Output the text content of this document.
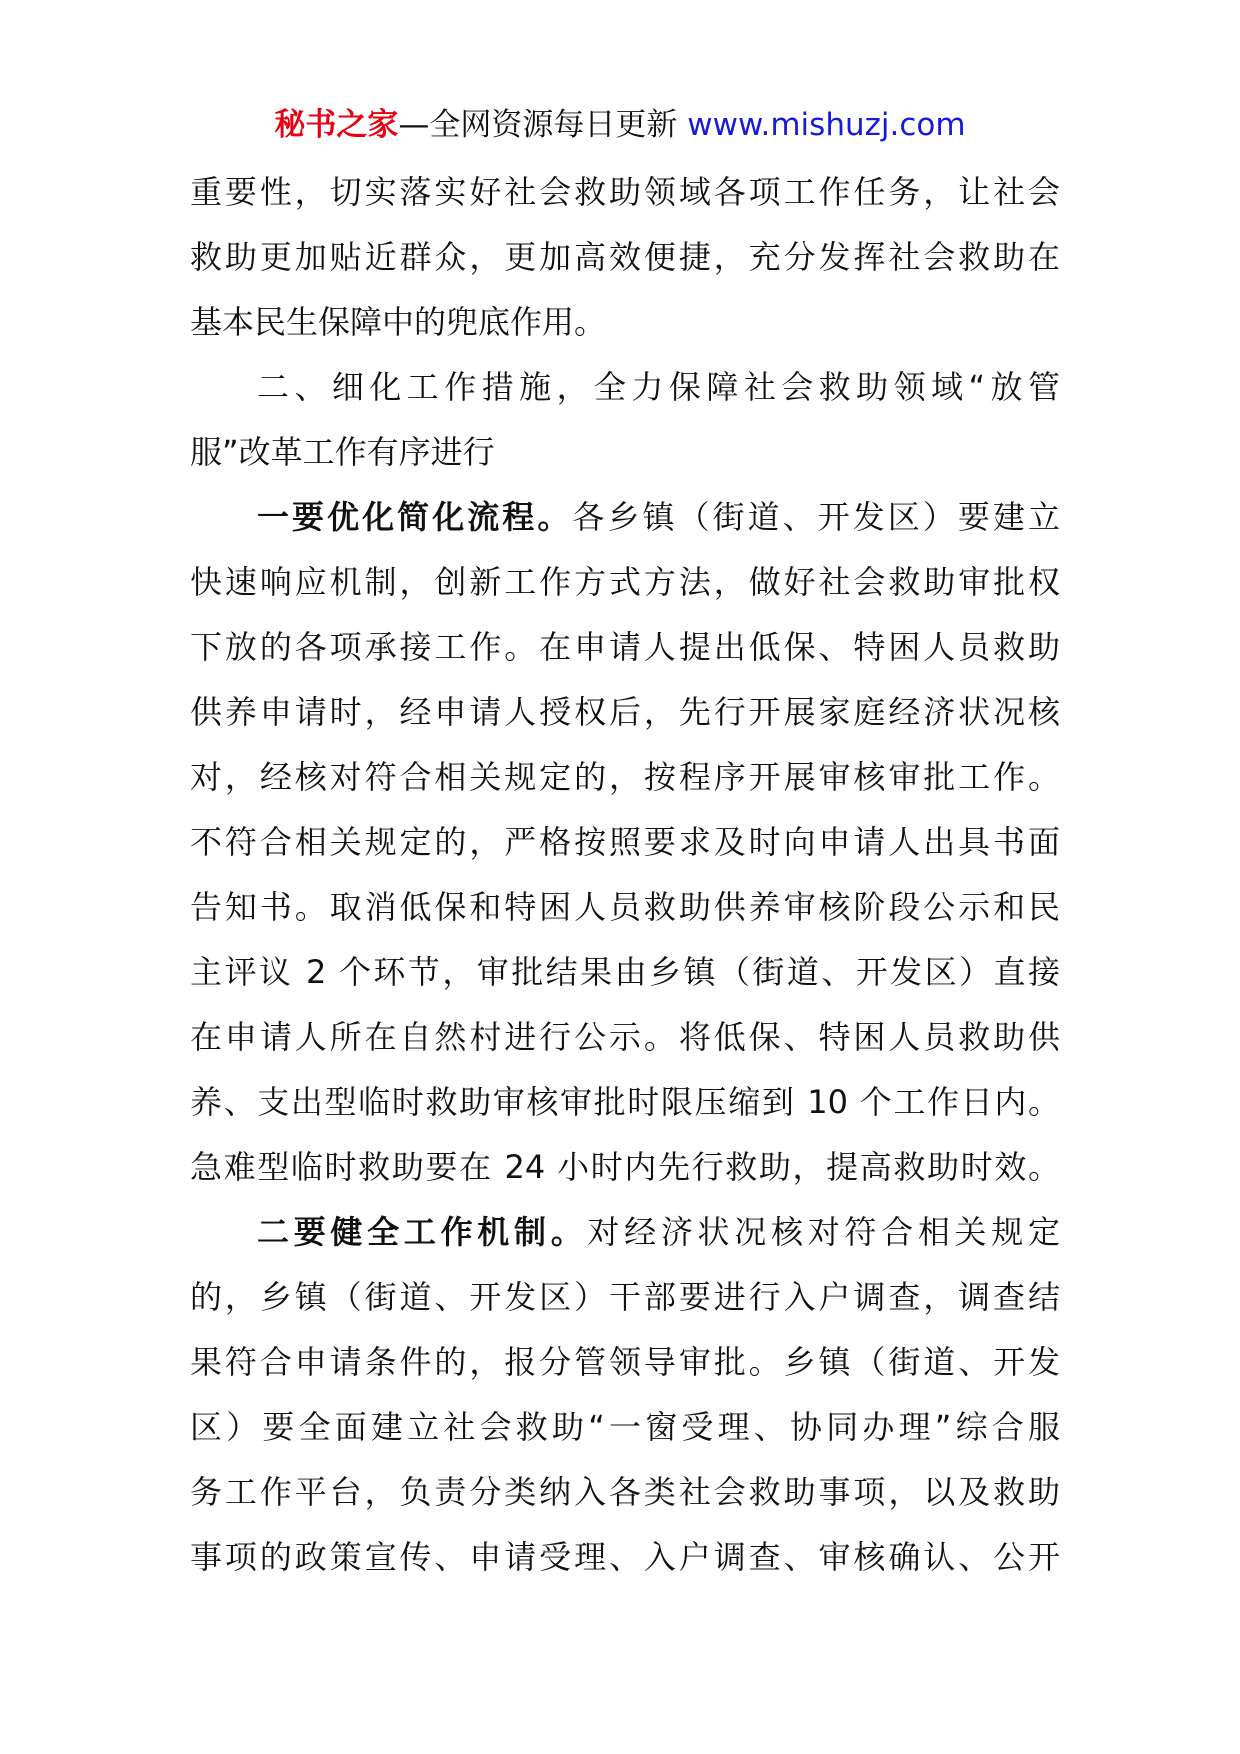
秘书之家—全网资源每日更新 www.mishuzj.com
重要性，切实落实好社会救助领域各项工作任务，让社会
救助更加贴近群众，更加高效便捷，充分发挥社会救助在
基本民生保障中的兜底作用。
二、细化工作措施，全力保障社会救助领域“放管
服”改革工作有序进行
一要优化简化流程。各乡镇（街道、开发区）要建立
快速响应机制，创新工作方式方法，做好社会救助审批权
下放的各项承接工作。在申请人提出低保、特困人员救助
供养申请时，经申请人授权后，先行开展家庭经济状况核
对，经核对符合相关规定的，按程序开展审核审批工作。
不符合相关规定的，严格按照要求及时向申请人出具书面
告知书。取消低保和特困人员救助供养审核阶段公示和民
主评议 2 个环节，审批结果由乡镇（街道、开发区）直接
在申请人所在自然村进行公示。将低保、特困人员救助供
养、支出型临时救助审核审批时限压缩到 10 个工作日内。
急难型临时救助要在 24 小时内先行救助，提高救助时效。
二要健全工作机制。对经济状况核对符合相关规定
的，乡镇（街道、开发区）干部要进行入户调查，调查结
果符合申请条件的，报分管领导审批。乡镇（街道、开发
区）要全面建立社会救助“一窗受理、协同办理”综合服
务工作平台，负责分类纳入各类社会救助事项，以及救助
事项的政策宣传、申请受理、入户调查、审核确认、公开
